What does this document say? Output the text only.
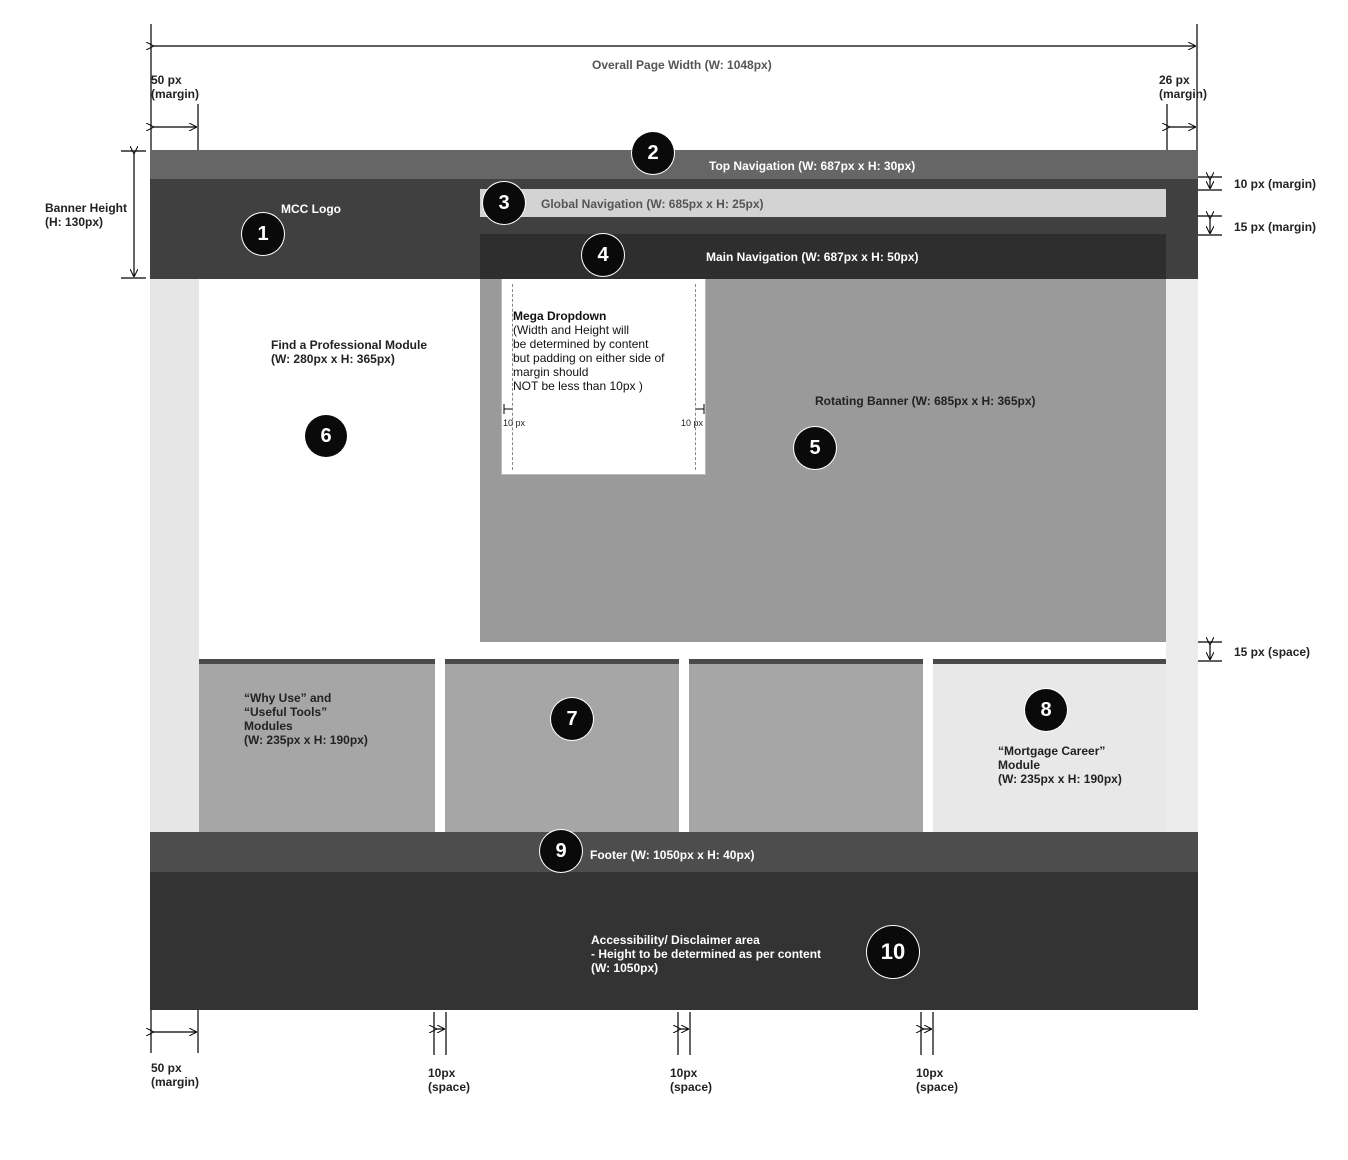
Overall Page Width (W: 1048px)
50 px
(margin)
26 px
(margin)
Banner Height
(H: 130px)
Top Navigation (W: 687px x H: 30px)
MCC Logo	Global Navigation (W: 685px x H: 25px)
Main Navigation (W: 687px x H: 50px)
10 px (margin)
15 px (margin)
15 px (space)
Find a Professional Module
(W: 280px x H: 365px)
Mega Dropdown
(Width and Height will
be determined by content
but padding on either side of
margin should
NOT be less than 10px )
10 px	10 px
Rotating Banner (W: 685px x H: 365px)
“Why Use” and
“Useful Tools”
Modules
(W: 235px x H: 190px)
“Mortgage Career”
Module
(W: 235px x H: 190px)
Footer (W: 1050px x H: 40px)
Accessibility/ Disclaimer area
- Height to be determined as per content
(W: 1050px)
50 px
(margin)
10px
(space)
10px
(space)
10px
(space)
1
2
3
4
5
6
7	8
9
10
